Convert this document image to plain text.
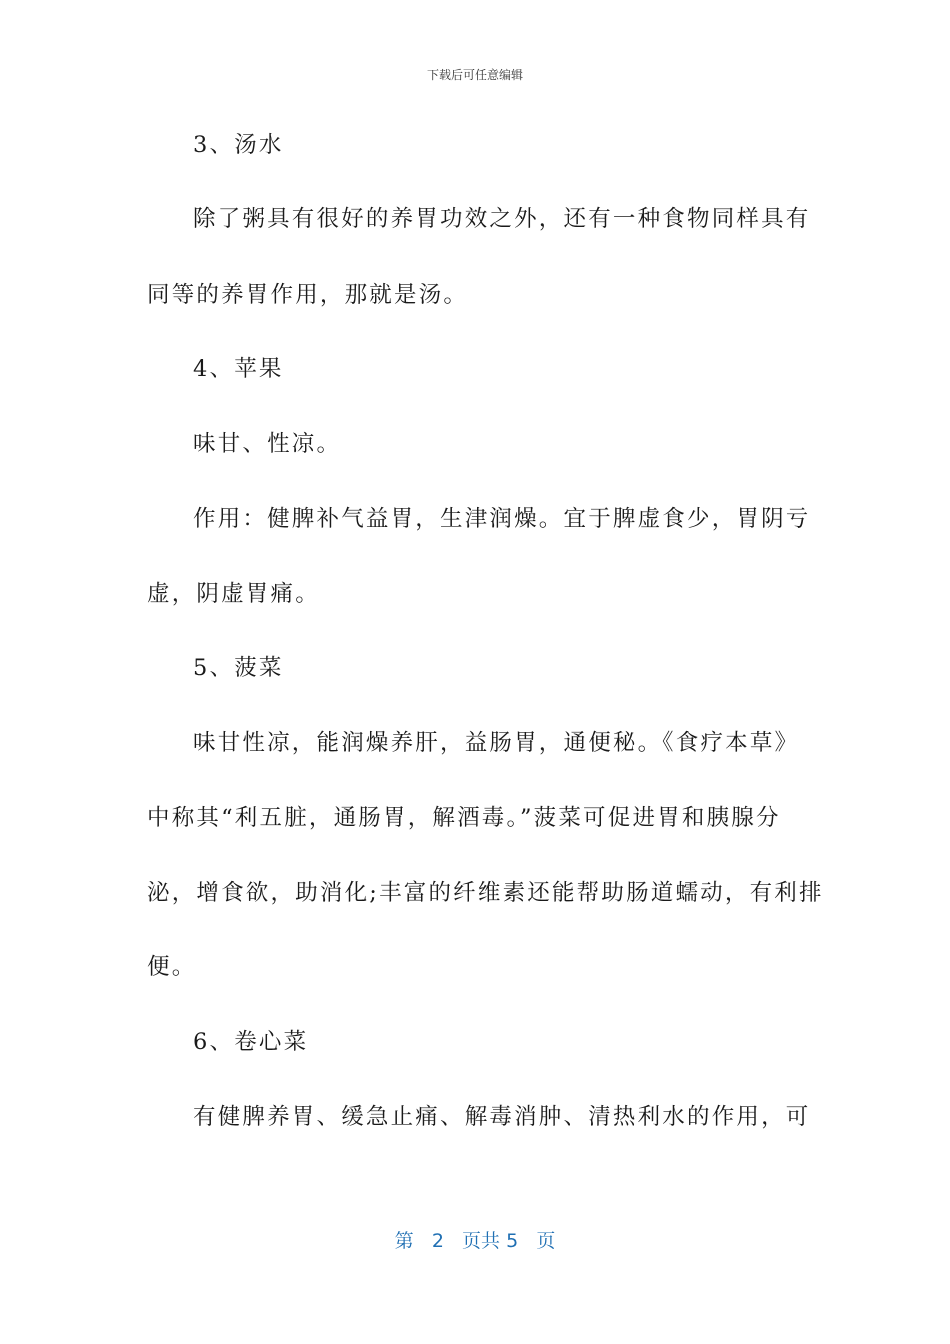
下载后可任意编辑
3、汤水
除了粥具有很好的养胃功效之外，还有一种食物同样具有
同等的养胃作用，那就是汤。
4、苹果
味甘、性凉。
作用：健脾补气益胃，生津润燥。宜于脾虚食少，胃阴亏
虚，阴虚胃痛。
5、菠菜
味甘性凉，能润燥养肝，益肠胃，通便秘。《食疗本草》
中称其“利五脏，通肠胃，解酒毒。”菠菜可促进胃和胰腺分
泌，增食欲，助消化;丰富的纤维素还能帮助肠道蠕动，有利排
便。
6、卷心菜
有健脾养胃、缓急止痛、解毒消肿、清热利水的作用，可
第 2 页共 5 页
